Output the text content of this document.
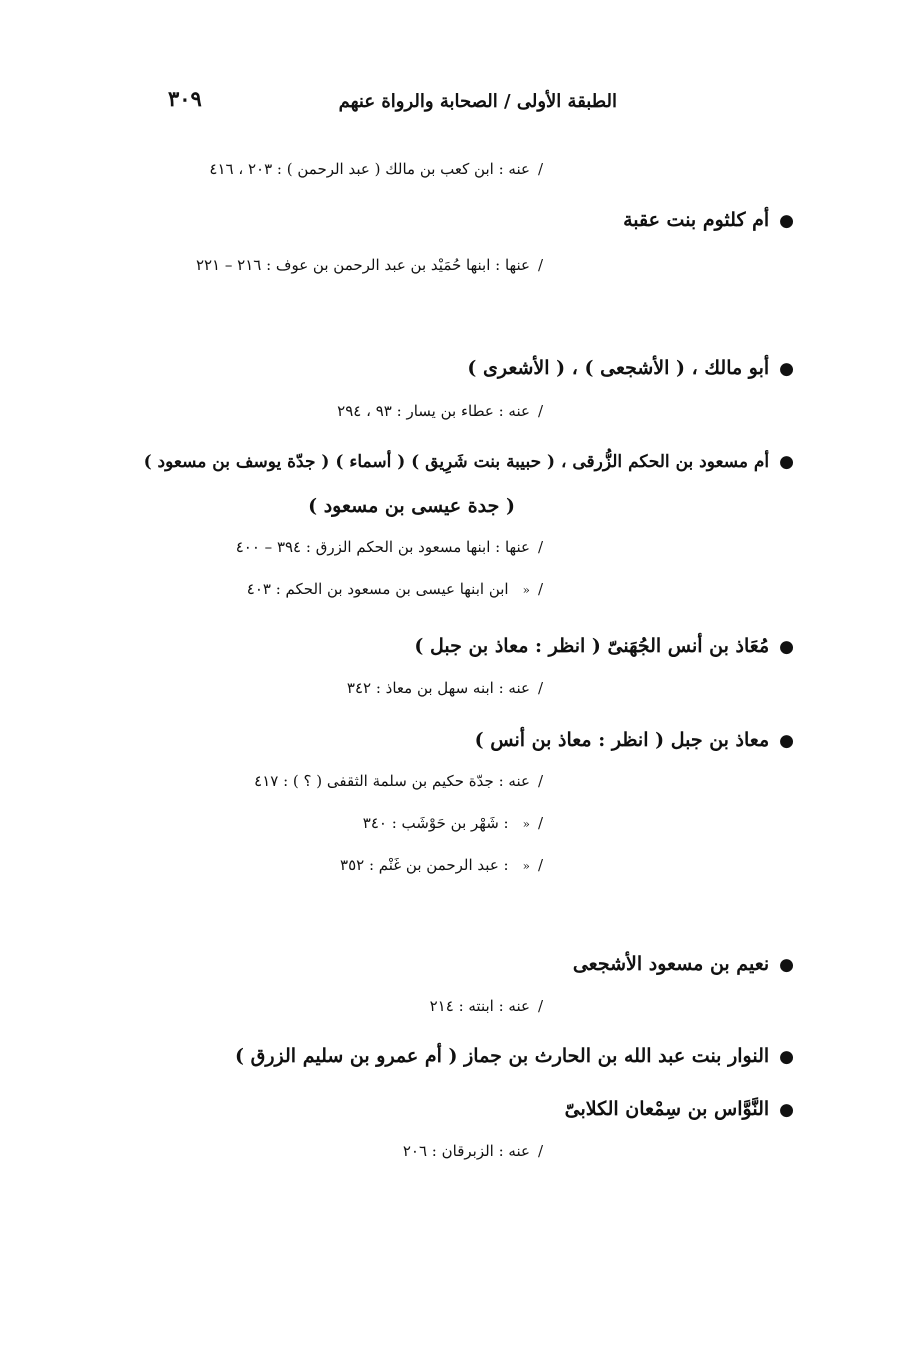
٣٠٩	الطبقة الأولى / الصحابة والرواة عنهم
/عنه : ابن كعب بن مالك ( عبد الرحمن ) : ٢٠٣ ، ٤١٦
●أم كلثوم بنت عقبة
/عنها : ابنها حُمَيْد بن عبد الرحمن بن عوف : ٢١٦ – ٢٢١
●أبو مالك ، ( الأشجعى ) ، ( الأشعرى )
/عنه : عطاء بن يسار : ٩٣ ، ٢٩٤
●أم مسعود بن الحكم الزُّرقى ، ( حبيبة بنت شَرِيق ) ( أسماء ) ( جدّة يوسف بن مسعود )
( جدة عيسى بن مسعود )
/عنها : ابنها مسعود بن الحكم الزرق : ٣٩٤ – ٤٠٠
/«ابن ابنها عيسى بن مسعود بن الحكم : ٤٠٣
●مُعَاذ بن أنس الجُهَنىّ ( انظر : معاذ بن جبل )
/عنه : ابنه سهل بن معاذ : ٣٤٢
●معاذ بن جبل ( انظر : معاذ بن أنس )
/عنه : جدّة حكيم بن سلمة الثقفى ( ؟ ) : ٤١٧
/«: شَهْر بن حَوْشَب : ٣٤٠
/«: عبد الرحمن بن غَنْم : ٣٥٢
●نعيم بن مسعود الأشجعى
/عنه : ابنته : ٢١٤
●النوار بنت عبد الله بن الحارث بن جماز ( أم عمرو بن سليم الزرق )
●النَّوَّاس بن سِمْعان الكلابىّ
/عنه : الزبرقان : ٢٠٦
